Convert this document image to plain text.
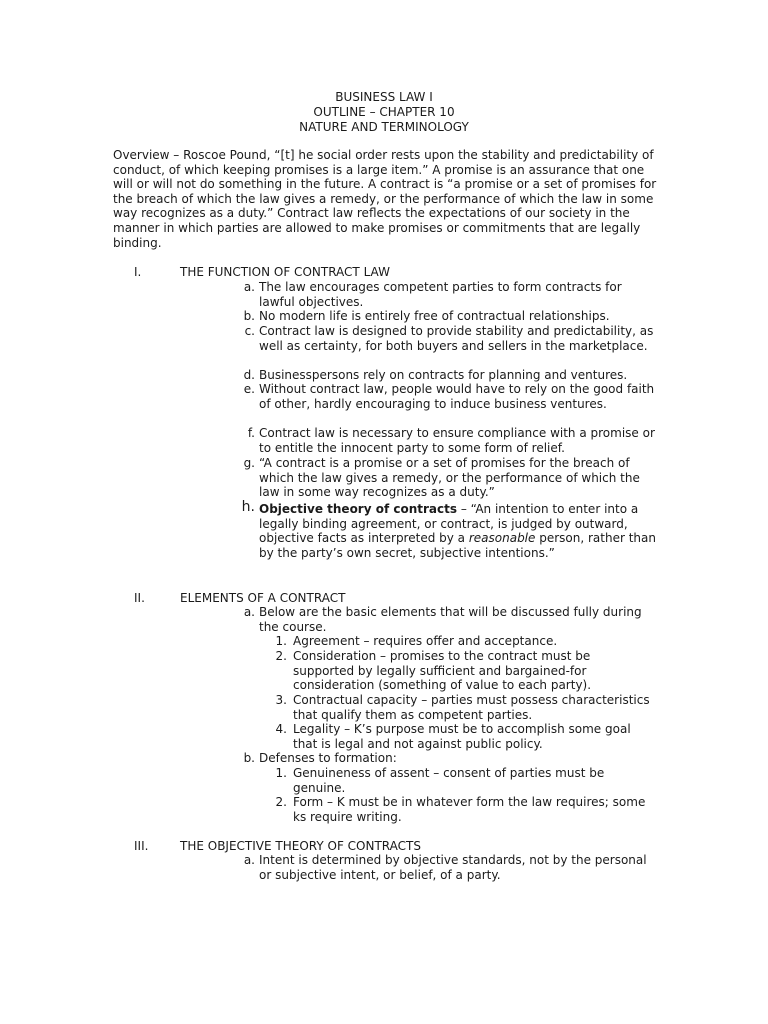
BUSINESS LAW I
OUTLINE – CHAPTER 10
NATURE AND TERMINOLOGY
Overview – Roscoe Pound, “[t] he social order rests upon the stability and predictability of conduct, of which keeping promises is a large item.” A promise is an assurance that one will or will not do something in the future. A contract is “a promise or a set of promises for the breach of which the law gives a remedy, or the performance of which the law in some way recognizes as a duty.” Contract law reflects the expectations of our society in the manner in which parties are allowed to make promises or commitments that are legally binding.
I.	THE FUNCTION OF CONTRACT LAW
a. The law encourages competent parties to form contracts for lawful objectives.
b. No modern life is entirely free of contractual relationships.
c. Contract law is designed to provide stability and predictability, as well as certainty, for both buyers and sellers in the marketplace.
d. Businesspersons rely on contracts for planning and ventures.
e. Without contract law, people would have to rely on the good faith of other, hardly encouraging to induce business ventures.
f. Contract law is necessary to ensure compliance with a promise or to entitle the innocent party to some form of relief.
g. “A contract is a promise or a set of promises for the breach of which the law gives a remedy, or the performance of which the law in some way recognizes as a duty.”
h. Objective theory of contracts – “An intention to enter into a legally binding agreement, or contract, is judged by outward, objective facts as interpreted by a reasonable person, rather than by the party’s own secret, subjective intentions.”
II.	ELEMENTS OF A CONTRACT
a. Below are the basic elements that will be discussed fully during the course.
1. Agreement – requires offer and acceptance.
2. Consideration – promises to the contract must be supported by legally sufficient and bargained-for consideration (something of value to each party).
3. Contractual capacity – parties must possess characteristics that qualify them as competent parties.
4. Legality – K’s purpose must be to accomplish some goal that is legal and not against public policy.
b. Defenses to formation:
1. Genuineness of assent – consent of parties must be genuine.
2. Form – K must be in whatever form the law requires; some ks require writing.
III.	THE OBJECTIVE THEORY OF CONTRACTS
a. Intent is determined by objective standards, not by the personal or subjective intent, or belief, of a party.
